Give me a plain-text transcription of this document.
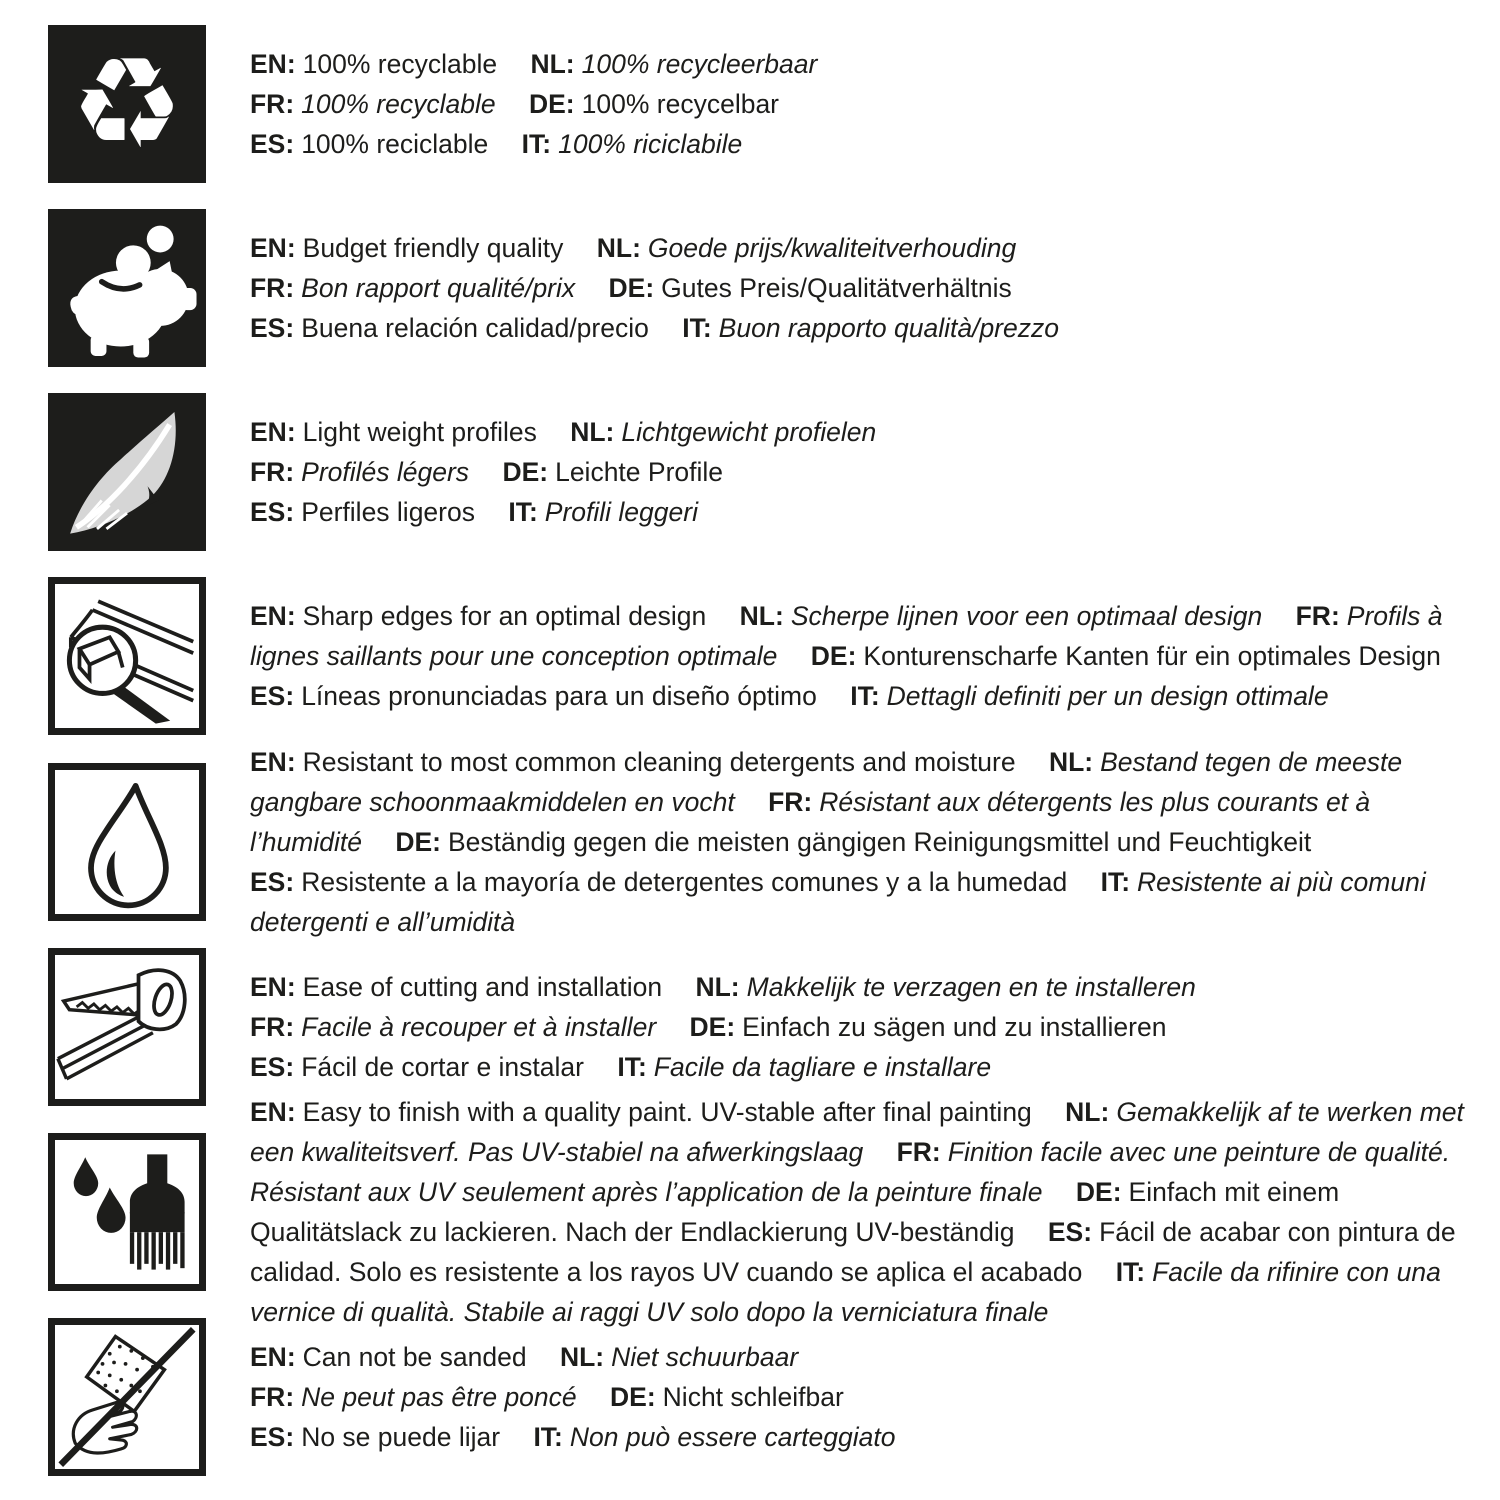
♻	EN: 100% recyclable NL: 100% recycleerbaar
FR: 100% recyclable DE: 100% recycelbar
ES: 100% reciclable IT: 100% riciclabile
EN: Budget friendly quality NL: Goede prijs/kwaliteitverhouding
FR: Bon rapport qualité/prix DE: Gutes Preis/Qualitätverhältnis
ES: Buena relación calidad/precio IT: Buon rapporto qualità/prezzo
EN: Light weight profiles NL: Lichtgewicht profielen
FR: Profilés légers DE: Leichte Profile
ES: Perfiles ligeros IT: Profili leggeri
EN: Sharp edges for an optimal design NL: Scherpe lijnen voor een optimaal design FR: Profils à lignes saillants pour une conception optimale DE: Konturenscharfe Kanten für ein optimales Design ES: Líneas pronunciadas para un diseño óptimo IT: Dettagli definiti per un design ottimale
EN: Resistant to most common cleaning detergents and moisture NL: Bestand tegen de meeste gangbare schoonmaakmiddelen en vocht FR: Résistant aux détergents les plus courants et à l’humidité DE: Beständig gegen die meisten gängigen Reinigungsmittel und Feuchtigkeit ES: Resistente a la mayoría de detergentes comunes y a la humedad IT: Resistente ai più comuni detergenti e all’umidità
EN: Ease of cutting and installation NL: Makkelijk te verzagen en te installeren
FR: Facile à recouper et à installer DE: Einfach zu sägen und zu installieren
ES: Fácil de cortar e instalar IT: Facile da tagliare e installare
EN: Easy to finish with a quality paint. UV-stable after final painting NL: Gemakkelijk af te werken met een kwaliteitsverf. Pas UV-stabiel na afwerkingslaag FR: Finition facile avec une peinture de qualité. Résistant aux UV seulement après l’application de la peinture finale DE: Einfach mit einem Qualitätslack zu lackieren. Nach der Endlackierung UV-beständig ES: Fácil de acabar con pintura de calidad. Solo es resistente a los rayos UV cuando se aplica el acabado IT: Facile da rifinire con una vernice di qualità. Stabile ai raggi UV solo dopo la verniciatura finale
EN: Can not be sanded NL: Niet schuurbaar
FR: Ne peut pas être poncé DE: Nicht schleifbar
ES: No se puede lijar IT: Non può essere carteggiato
